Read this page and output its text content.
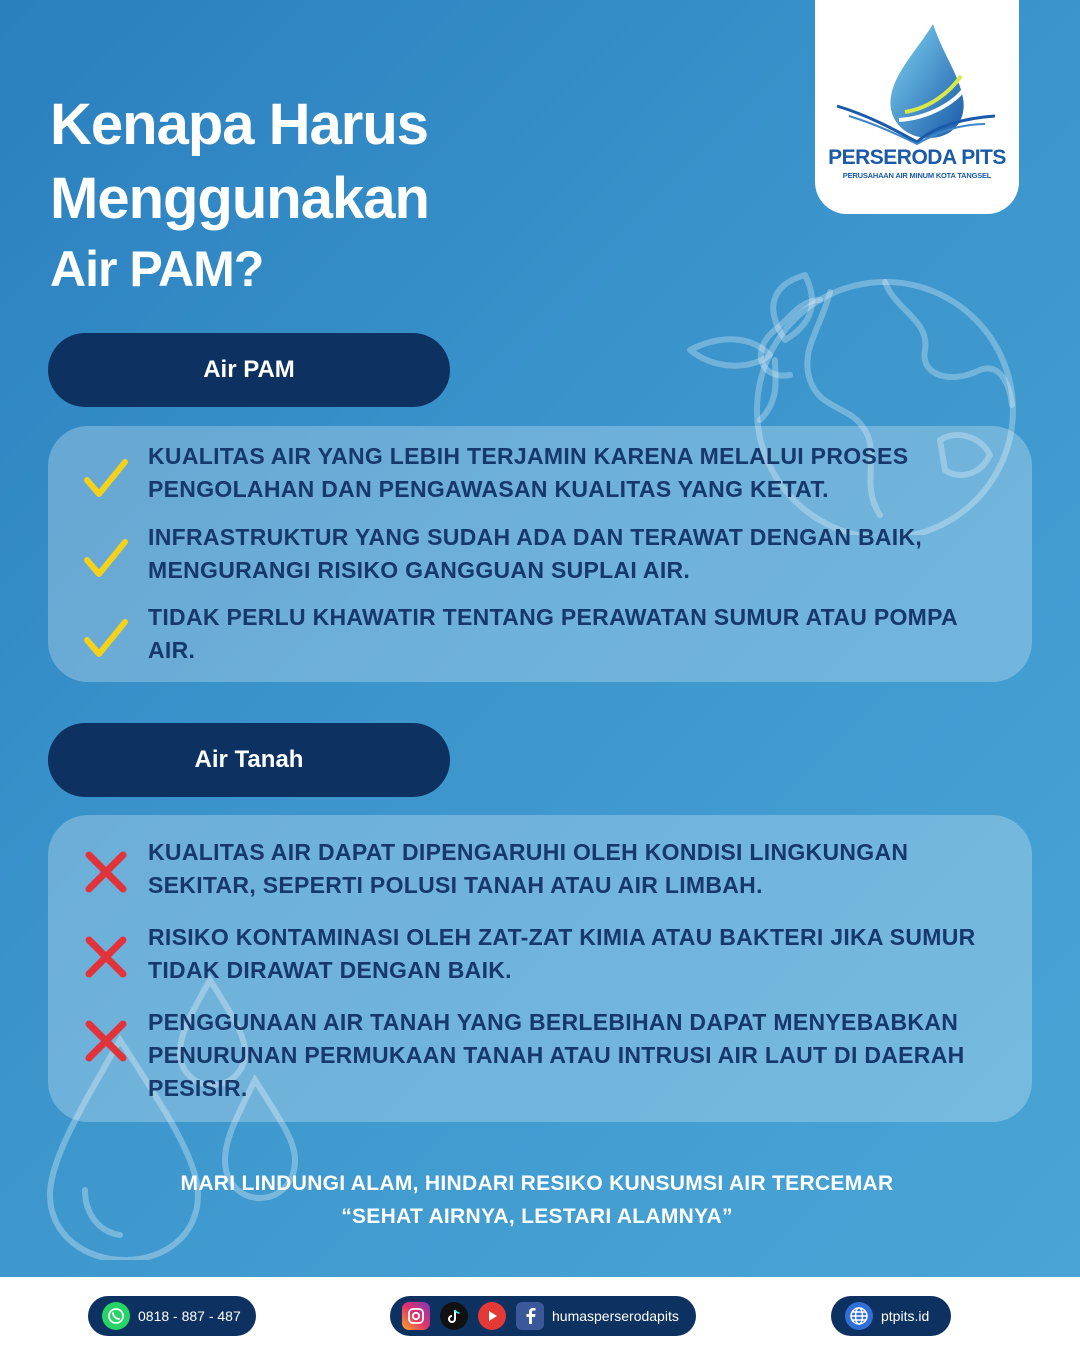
Kenapa Harus
Menggunakan
Air PAM?
PERSERODA PITS
PERUSAHAAN AIR MINUM KOTA TANGSEL
Air PAM
KUALITAS AIR YANG LEBIH TERJAMIN KARENA MELALUI PROSES PENGOLAHAN DAN PENGAWASAN KUALITAS YANG KETAT.
INFRASTRUKTUR YANG SUDAH ADA DAN TERAWAT DENGAN BAIK, MENGURANGI RISIKO GANGGUAN SUPLAI AIR.
TIDAK PERLU KHAWATIR TENTANG PERAWATAN SUMUR ATAU POMPA AIR.
Air Tanah
KUALITAS AIR DAPAT DIPENGARUHI OLEH KONDISI LINGKUNGAN SEKITAR, SEPERTI POLUSI TANAH ATAU AIR LIMBAH.
RISIKO KONTAMINASI OLEH ZAT-ZAT KIMIA ATAU BAKTERI JIKA SUMUR TIDAK DIRAWAT DENGAN BAIK.
PENGGUNAAN AIR TANAH YANG BERLEBIHAN DAPAT MENYEBABKAN PENURUNAN PERMUKAAN TANAH ATAU INTRUSI AIR LAUT DI DAERAH PESISIR.
MARI LINDUNGI ALAM, HINDARI RESIKO KUNSUMSI AIR TERCEMAR
“SEHAT AIRNYA, LESTARI ALAMNYA”
0818 - 887 - 487	humasperserodapits	ptpits.id
